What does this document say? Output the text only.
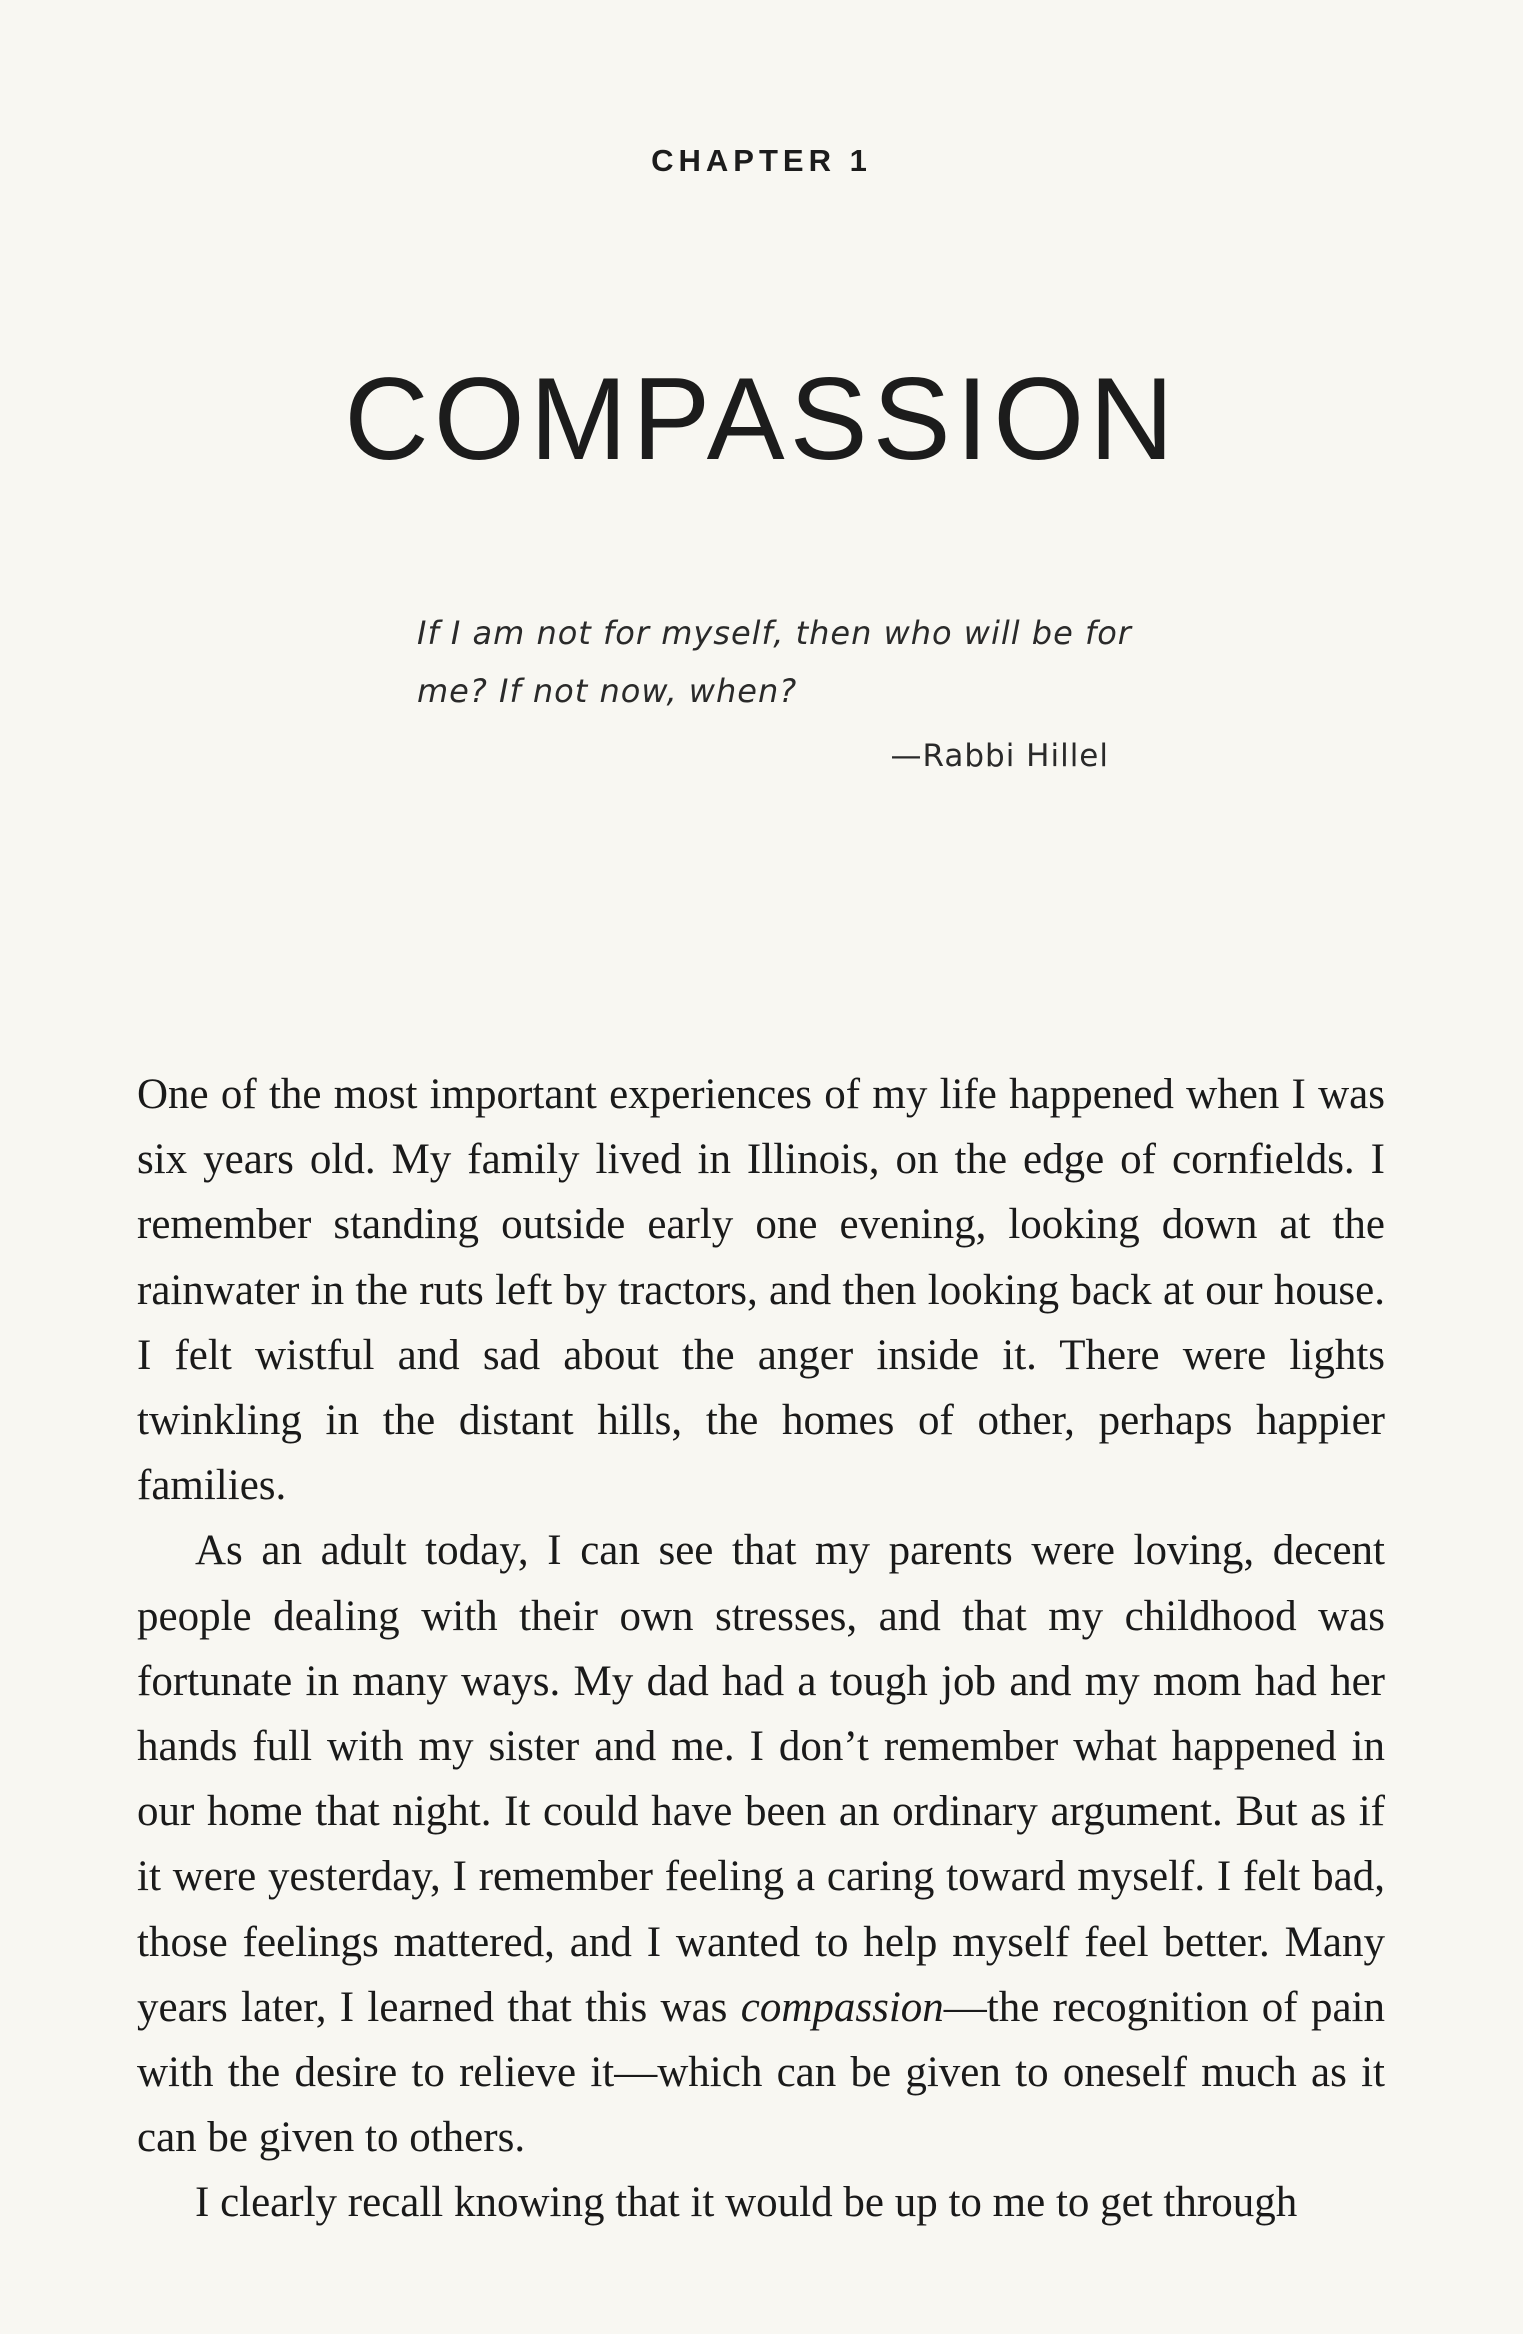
CHAPTER 1
COMPASSION
If I am not for myself, then who will be for me? If not now, when?
—Rabbi Hillel

One of the most important experiences of my life happened when I was six years old. My family lived in Illinois, on the edge of cornfields. I remember standing outside early one evening, looking down at the rainwater in the ruts left by tractors, and then looking back at our house. I felt wistful and sad about the anger inside it. There were lights twinkling in the distant hills, the homes of other, perhaps happier families.

As an adult today, I can see that my parents were loving, decent people dealing with their own stresses, and that my childhood was fortunate in many ways. My dad had a tough job and my mom had her hands full with my sister and me. I don’t remember what happened in our home that night. It could have been an ordinary argument. But as if it were yesterday, I remember feeling a caring toward myself. I felt bad, those feelings mattered, and I wanted to help myself feel better. Many years later, I learned that this was compassion—the recognition of pain with the desire to relieve it—which can be given to oneself much as it can be given to others.

I clearly recall knowing that it would be up to me to get through
